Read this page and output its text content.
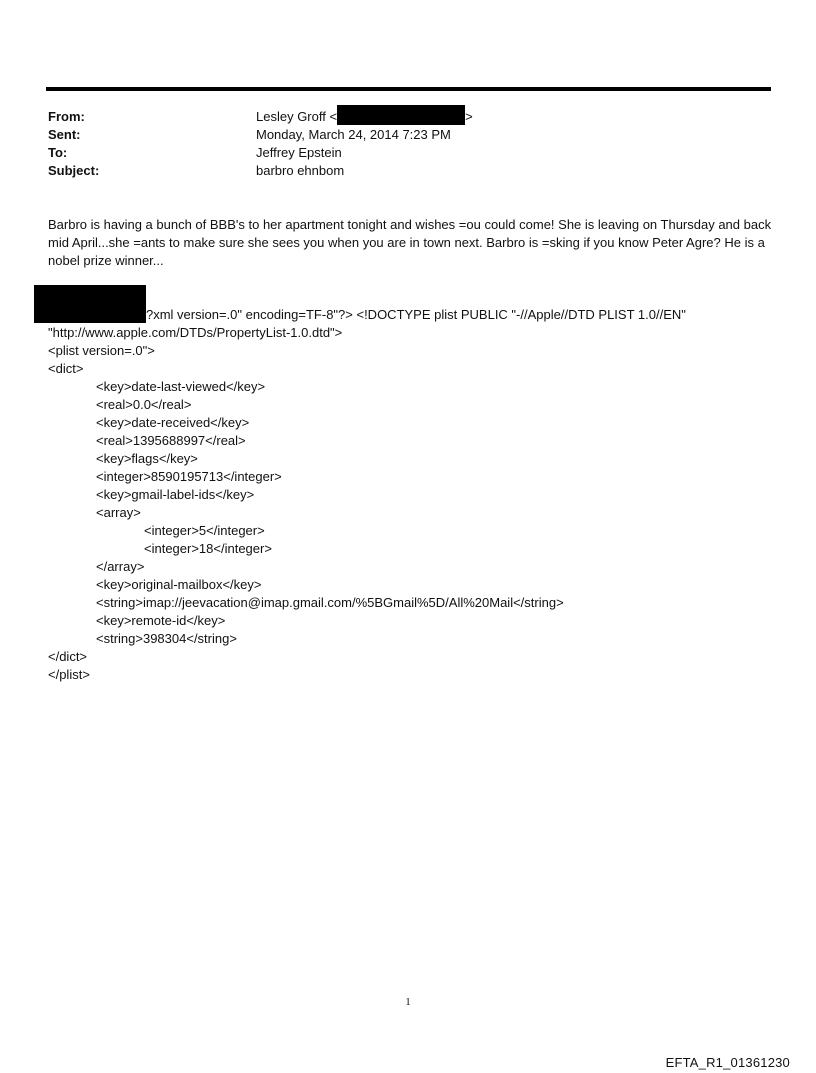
From:	Lesley Groff <	>
Sent:	Monday, March 24, 2014 7:23 PM
To:	Jeffrey Epstein
Subject:	barbro ehnbom

Barbro is having a bunch of BBB's to her apartment tonight and wishes =ou could come! She is leaving on Thursday and back mid April...she =ants to make sure she sees you when you are in town next. Barbro is =sking if you know Peter Agre? He is a nobel prize winner...

?xml version=.0" encoding=TF-8"?> <!DOCTYPE plist PUBLIC "-//Apple//DTD PLIST 1.0//EN"
"http://www.apple.com/DTDs/PropertyList-1.0.dtd">
<plist version=.0">
<dict>
<key>date-last-viewed</key>
<real>0.0</real>
<key>date-received</key>
<real>1395688997</real>
<key>flags</key>
<integer>8590195713</integer>
<key>gmail-label-ids</key>
<array>
<integer>5</integer>
<integer>18</integer>
</array>
<key>original-mailbox</key>
<string>imap://jeevacation@imap.gmail.com/%5BGmail%5D/All%20Mail</string>
<key>remote-id</key>
<string>398304</string>
</dict>
</plist>
1
EFTA_R1_01361230
